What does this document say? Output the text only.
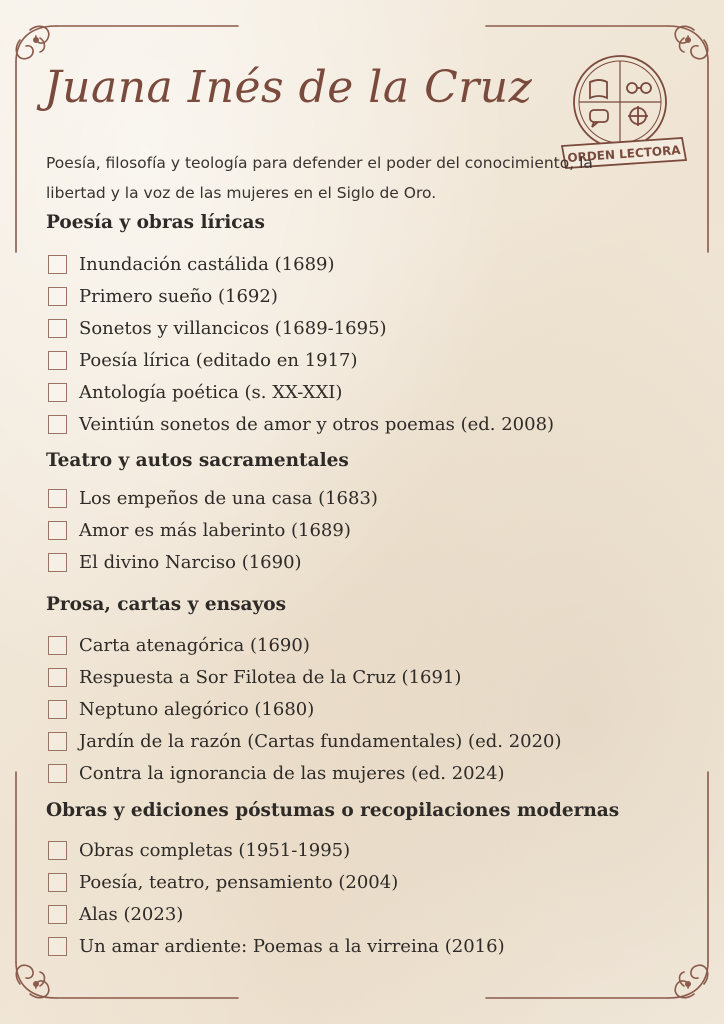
Juana Inés de la Cruz
ORDEN LECTORA

Poesía, filosofía y teología para defender el poder del conocimiento, la libertad y la voz de las mujeres en el Siglo de Oro.

Poesía y obras líricas
Inundación castálida (1689)
Primero sueño (1692)
Sonetos y villancicos (1689-1695)
Poesía lírica (editado en 1917)
Antología poética (s. XX-XXI)
Veintiún sonetos de amor y otros poemas (ed. 2008)
Teatro y autos sacramentales
Los empeños de una casa (1683)
Amor es más laberinto (1689)
El divino Narciso (1690)
Prosa, cartas y ensayos
Carta atenagórica (1690)
Respuesta a Sor Filotea de la Cruz (1691)
Neptuno alegórico (1680)
Jardín de la razón (Cartas fundamentales) (ed. 2020)
Contra la ignorancia de las mujeres (ed. 2024)
Obras y ediciones póstumas o recopilaciones modernas
Obras completas (1951-1995)
Poesía, teatro, pensamiento (2004)
Alas (2023)
Un amar ardiente: Poemas a la virreina (2016)
